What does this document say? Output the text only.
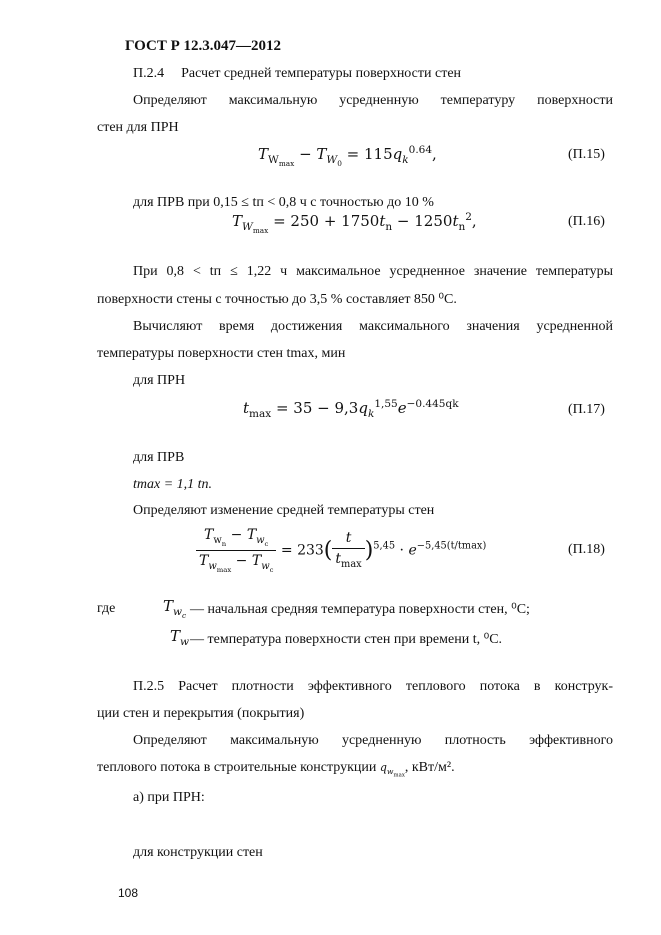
ГОСТ Р 12.3.047—2012
П.2.4 Расчет средней температуры поверхности стен
Определяют максимальную усредненную температуру поверхности
стен для ПРН
$T_{W_{max}} - T_{W_0} = 115q_k^{0.64}$,	(П.15)
для ПРВ при 0,15 ≤ tп < 0,8 ч с точностью до 10 %
$T_{W_{max}} = 250 + 1750t_n - 1250t_n^2$,	(П.16)
При 0,8 < tп ≤ 1,22 ч максимальное усредненное значение температуры
поверхности стены с точностью до 3,5 % составляет 850 ⁰С.
Вычисляют время достижения максимального значения усредненной
температуры поверхности стен tmax, мин
для ПРН
$t_{max} = 35 - 9,3q_k^{1,55}e^{-0.445qk}$	(П.17)
для ПРВ
tmax = 1,1 tп.
Определяют изменение средней температуры стен
$\frac{T_{w_n} - T_{w_c}}{T_{w_{max}} - T_{w_c}} = 233( \frac{t}{t_{max}} )^{5,45} \cdot e^{-5,45(t/tmax)}$	(П.18)
где	$T_{w_c}$ — начальная средняя температура поверхности стен, ⁰С;
$T_w$ — температура поверхности стен при времени t, ⁰С.
П.2.5 Расчет плотности эффективного теплового потока в конструк-
ции стен и перекрытия (покрытия)
Определяют максимальную усредненную плотность эффективного
теплового потока в строительные конструкции $q_{w_{max}}$, кВт/м².
а) при ПРН:
для конструкции стен
108
